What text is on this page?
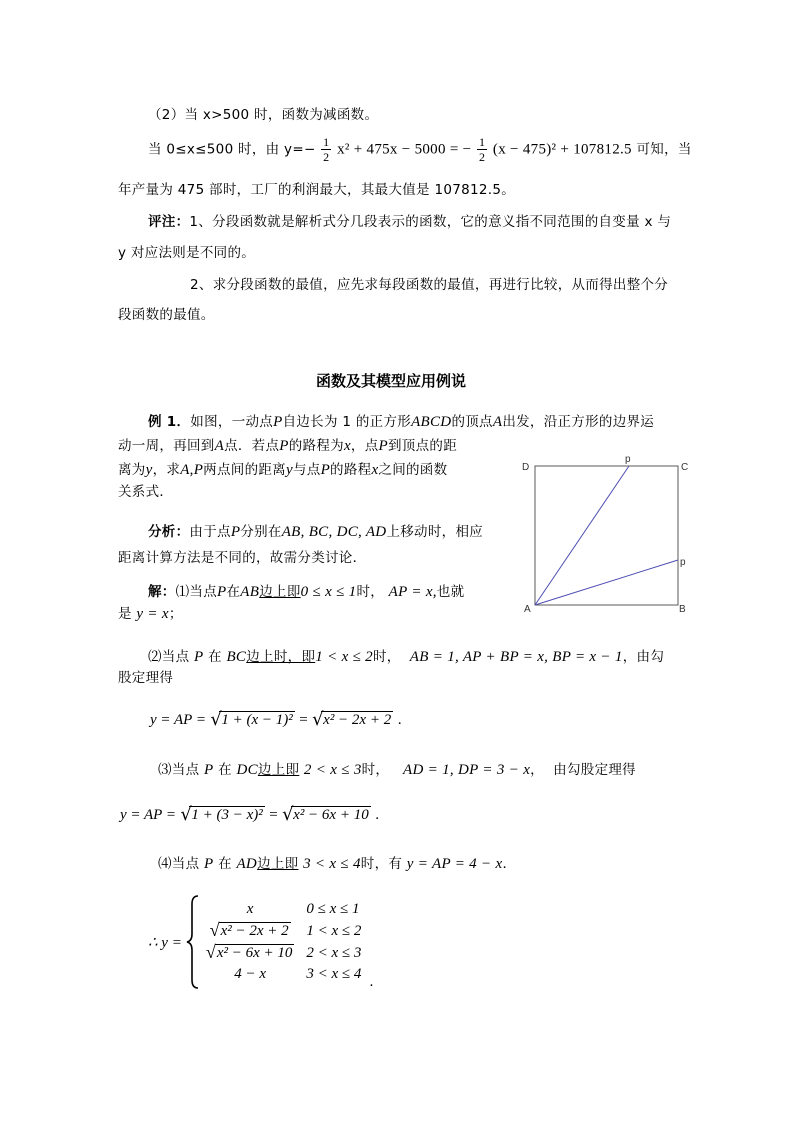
（2）当 x>500 时，函数为减函数。
当 0≤x≤500 时，由 $y=- \frac{1}{2} x^2 + 475x - 5000$ = − $\frac{1}{2} (x - 475)^2 + 107812.5$ 可知，当
年产量为 475 部时，工厂的利润最大，其最大值是 107812.5。
评注：1、分段函数就是解析式分几段表示的函数，它的意义指不同范围的自变量 x 与
y 对应法则是不同的。
2、求分段函数的最值，应先求每段函数的最值，再进行比较，从而得出整个分
段函数的最值。
函数及其模型应用例说
例 1．如图，一动点P自边长为 1 的正方形ABCD的顶点A出发，沿正方形的边界运
动一周，再回到A点．若点P的路程为x，点P到顶点的距
离为y，求A,P两点间的距离y与点P的路程x之间的函数
关系式．
分析：由于点P分别在AB, BC, DC, AD上移动时，相应
距离计算方法是不同的，故需分类讨论．
解：⑴当点P在AB边上即0 ≤ x ≤ 1时， AP = x,也就
是 y = x；
⑵当点 P 在 BC边上时，即1 < x ≤ 2时， AB = 1, AP + BP = x, BP = x − 1，由勾
股定理得
y = AP = √ 1 + (x − 1)² = √ x² − 2x + 2 ．
⑶当点 P 在 DC边上即 2 < x ≤ 3时， AD = 1, DP = 3 − x， 由勾股定理得
y = AP = √ 1 + (3 − x)² = √ x² − 6x + 10 ．
⑷当点 P 在 AD边上即 3 < x ≤ 4时，有 y = AP = 4 − x．
∴ y =
x	0 ≤ x ≤ 1

√ x² − 2x + 2	1 < x ≤ 2

√ x² − 6x + 10	2 < x ≤ 3
4 − x	3 < x ≤ 4 ．
D	C
A	B
p
p
